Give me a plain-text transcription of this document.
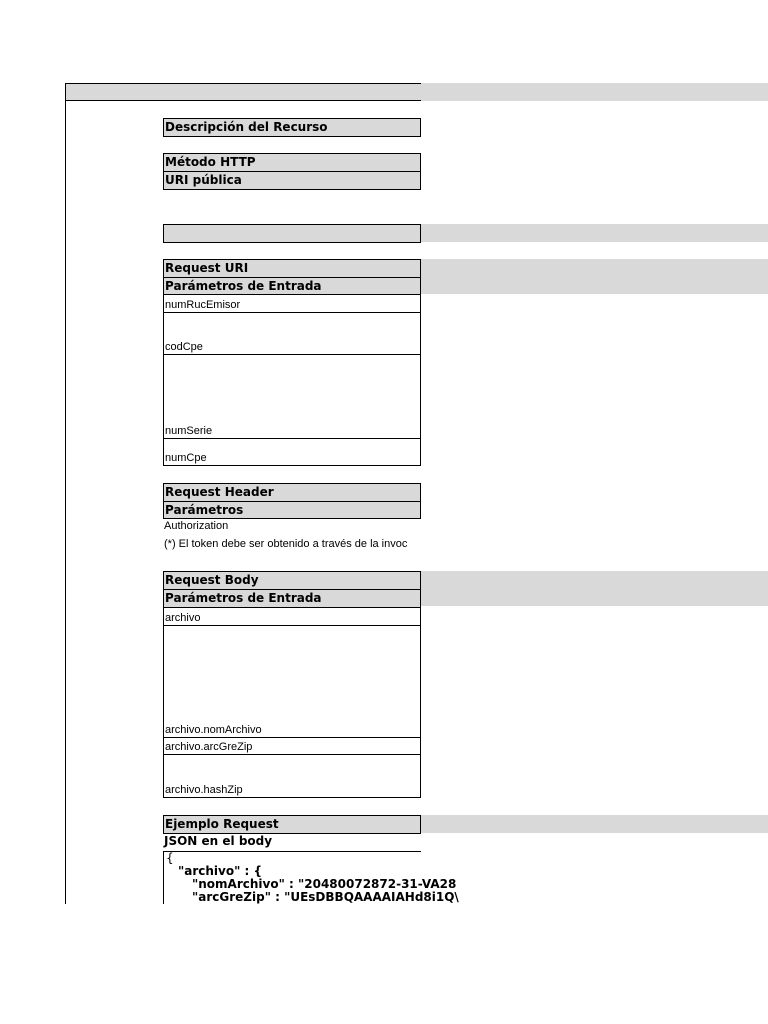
Descripción del Recurso
Método HTTP
URI pública
Request URI
Parámetros de Entrada
numRucEmisor
codCpe
numSerie
numCpe
Request Header
Parámetros
Authorization
(*) El token debe ser obtenido a través de la invoc
Request Body
Parámetros de Entrada
archivo
archivo.nomArchivo
archivo.arcGreZip
archivo.hashZip
Ejemplo Request
JSON en el body
{
"archivo" : {
"nomArchivo" : "20480072872-31-VA28
"arcGreZip" : "UEsDBBQAAAAIAHd8i1Q\
